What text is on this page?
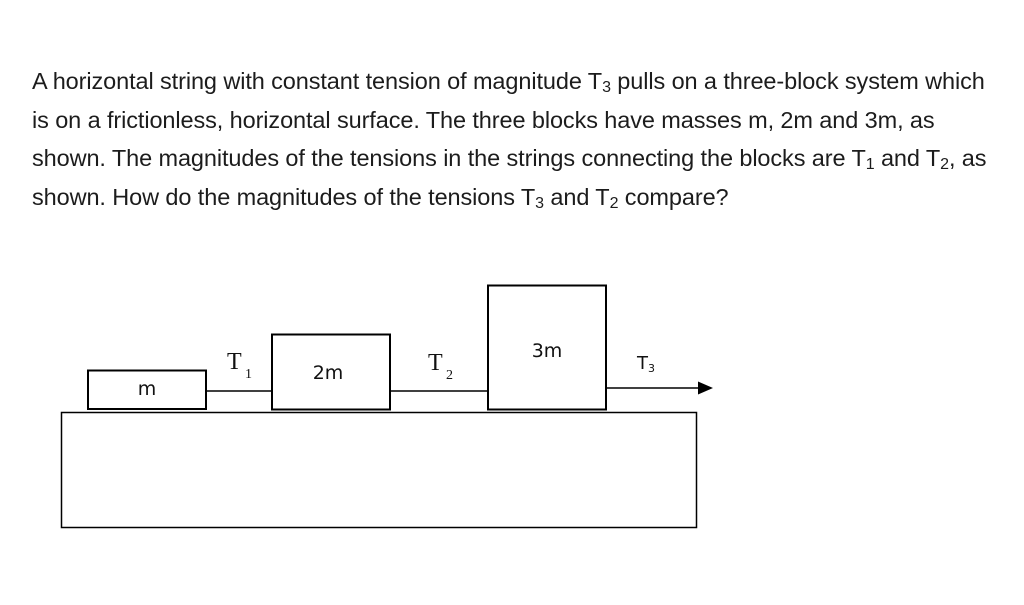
A horizontal string with constant tension of magnitude $T_3$ pulls on a three-block system which is on a frictionless, horizontal surface. The three blocks have masses m, 2m and 3m, as shown. The magnitudes of the tensions in the strings connecting the blocks are $T_1$ and $T_2$, as shown. How do the magnitudes of the tensions $T_3$ and $T_2$ compare?
m
T 1	2m	T 2
3m
T 3
